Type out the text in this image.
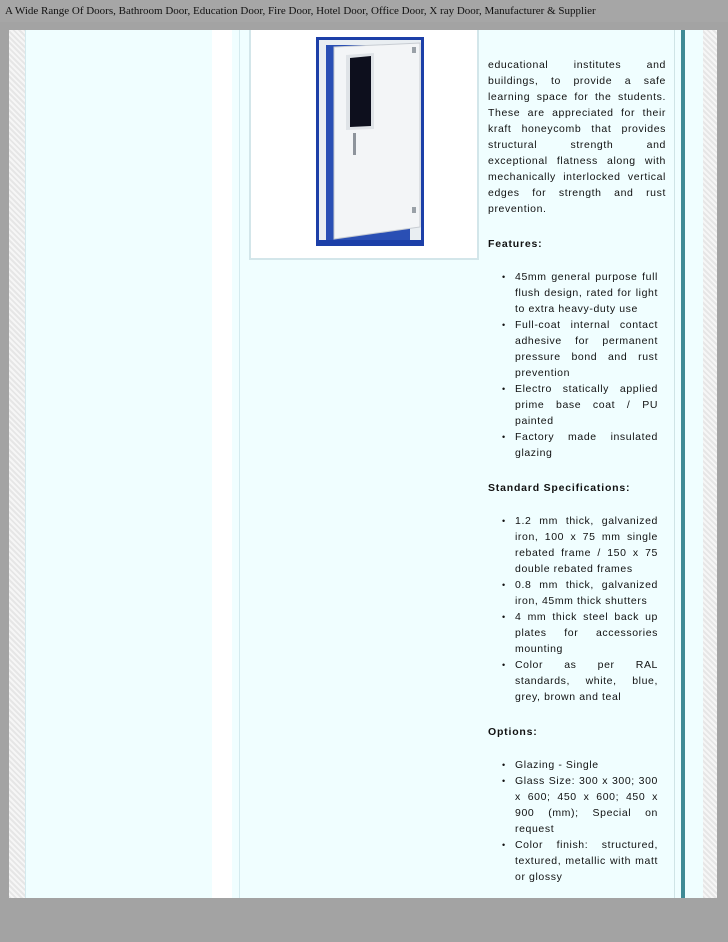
A Wide Range Of Doors, Bathroom Door, Education Door, Fire Door, Hotel Door, Office Door, X ray Door, Manufacturer & Supplier

educational institutes and buildings, to provide a safe learning space for the students. These are appreciated for their kraft honeycomb that provides structural strength and exceptional flatness along with mechanically interlocked vertical edges for strength and rust prevention.

Features:
• 45mm general purpose full flush design, rated for light to extra heavy-duty use
• Full-coat internal contact adhesive for permanent pressure bond and rust prevention
• Electro statically applied prime base coat / PU painted
• Factory made insulated glazing
Standard Specifications:
• 1.2 mm thick, galvanized iron, 100 x 75 mm single rebated frame / 150 x 75 double rebated frames
• 0.8 mm thick, galvanized iron, 45mm thick shutters
• 4 mm thick steel back up plates for accessories mounting
• Color as per RAL standards, white, blue, grey, brown and teal
Options:
• Glazing - Single
• Glass Size: 300 x 300; 300 x 600; 450 x 600; 450 x 900 (mm); Special on request
• Color finish: structured, textured, metallic with matt or glossy
